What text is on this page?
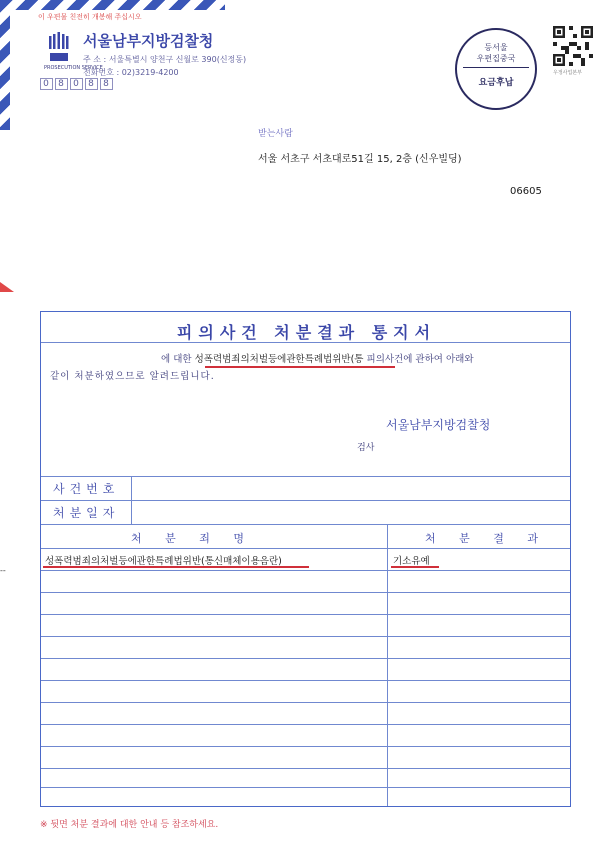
이 우편물 친전히 개봉해 주십시오
PROSECUTION SERVICE
서울남부지방검찰청
주 소 : 서울특별시 양천구 신월로 390(신정동)
전화번호 : 02)3219-4200
0 8 0 8 8
등서울
우편집중국
요금후납
우정사업본부
받는사람
서울 서초구 서초대로51길 15, 2층 (신우빌딩)
06605
--
피의사건 처분결과 통지서
에 대한 성폭력범죄의처벌등에관한특례법위반(통 피의사건에 관하여 아래와
같이 처분하였으므로 알려드립니다.
서울남부지방검찰청
검사
사건번호
처분일자
처 분 죄 명	처 분 결 과
성폭력범죄의처벌등에관한특례법위반(통신매체이용음란)	기소유예
※ 뒷면 처분 결과에 대한 안내 등 참조하세요.
